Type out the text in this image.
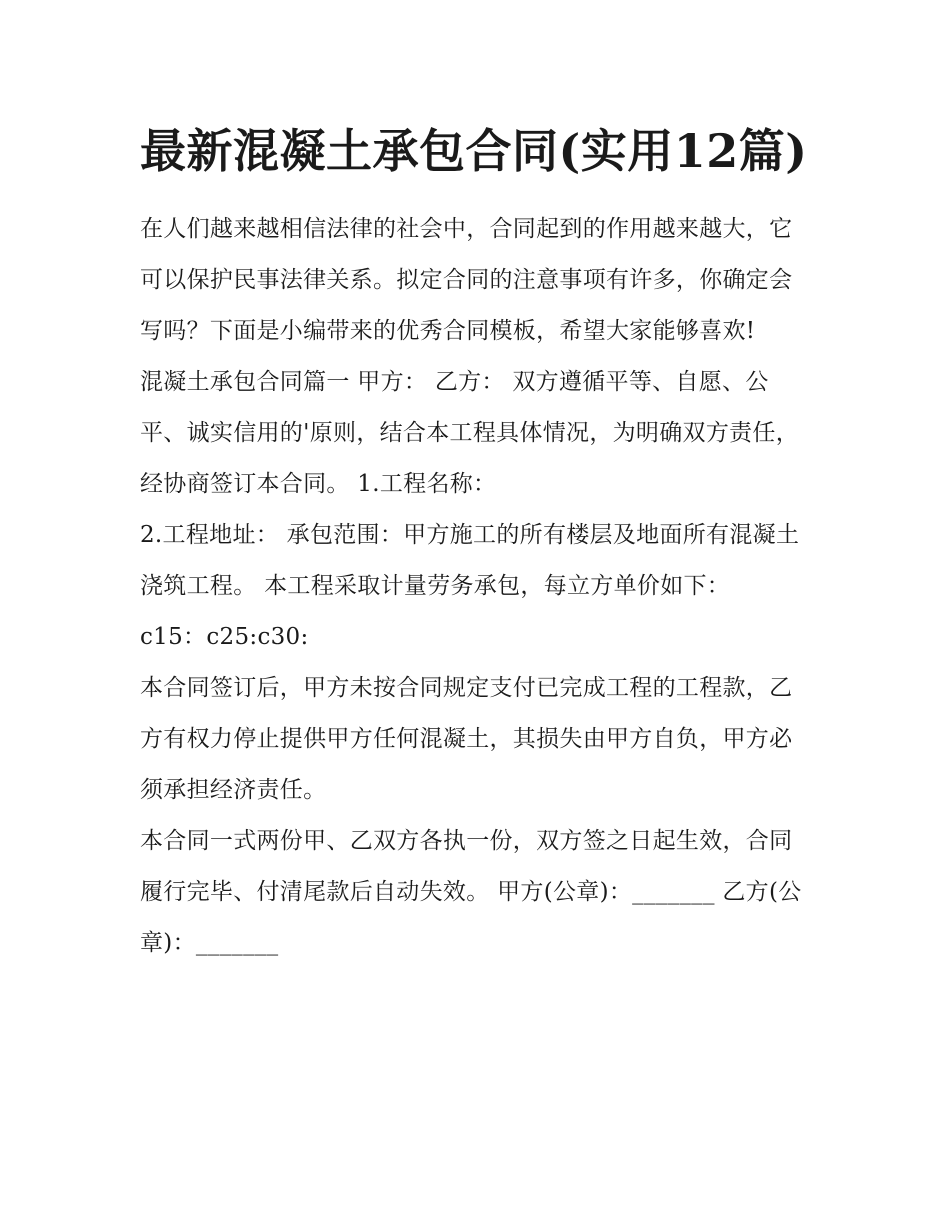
最新混凝土承包合同(实用12篇)

在人们越来越相信法律的社会中，合同起到的作用越来越大，它可以保护民事法律关系。拟定合同的注意事项有许多，你确定会写吗？下面是小编带来的优秀合同模板，希望大家能够喜欢!

混凝土承包合同篇一 甲方： 乙方： 双方遵循平等、自愿、公平、诚实信用的'原则，结合本工程具体情况，为明确双方责任，经协商签订本合同。 1.工程名称：

2.工程地址： 承包范围：甲方施工的所有楼层及地面所有混凝土浇筑工程。 本工程采取计量劳务承包，每立方单价如下：

c15：c25:c30:

本合同签订后，甲方未按合同规定支付已完成工程的工程款，乙方有权力停止提供甲方任何混凝土，其损失由甲方自负，甲方必须承担经济责任。

本合同一式两份甲、乙双方各执一份，双方签之日起生效，合同履行完毕、付清尾款后自动失效。 甲方(公章)：_______ 乙方(公章)：_______
